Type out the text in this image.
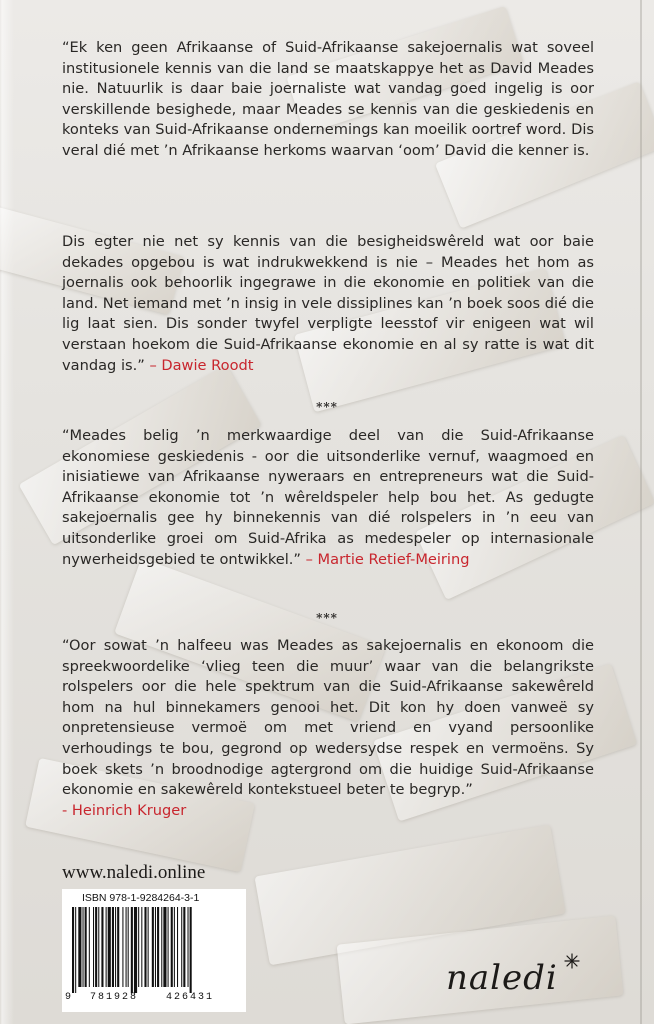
“Ek ken geen Afrikaanse of Suid-Afrikaanse sakejoernalis wat soveel institusionele kennis van die land se maatskappye het as David Meades nie. Natuurlik is daar baie joernaliste wat vandag goed ingelig is oor verskillende besighede, maar Meades se kennis van die geskiedenis en konteks van Suid-Afrikaanse ondernemings kan moeilik oortref word. Dis veral dié met ’n Afrikaanse herkoms waarvan ‘oom’ David die kenner is.

Dis egter nie net sy kennis van die besigheidswêreld wat oor baie dekades opgebou is wat indrukwekkend is nie – Meades het hom as joernalis ook behoorlik ingegrawe in die ekonomie en politiek van die land. Net iemand met ’n insig in vele dissiplines kan ’n boek soos dié die lig laat sien. Dis sonder twyfel verpligte leesstof vir enigeen wat wil verstaan hoekom die Suid-Afrikaanse ekonomie en al sy ratte is wat dit vandag is.” – Dawie Roodt

***

“Meades belig ’n merkwaardige deel van die Suid-Afrikaanse ekonomiese geskiedenis - oor die uitsonderlike vernuf, waagmoed en inisiatiewe van Afrikaanse nyweraars en entrepreneurs wat die Suid-Afrikaanse ekonomie tot ’n wêreldspeler help bou het. As gedugte sakejoernalis gee hy binnekennis van dié rolspelers in ’n eeu van uitsonderlike groei om Suid-Afrika as medespeler op internasionale nywerheidsgebied te ontwikkel.” – Martie Retief-Meiring

***

“Oor sowat ’n halfeeu was Meades as sakejoernalis en ekonoom die spreekwoordelike ‘vlieg teen die muur’ waar van die belangrikste rolspelers oor die hele spektrum van die Suid-Afrikaanse sakewêreld hom na hul binnekamers genooi het. Dit kon hy doen vanweë sy onpretensieuse vermoë om met vriend en vyand persoonlike verhoudings te bou, gegrond op wedersydse respek en vermoëns. Sy boek skets ’n broodnodige agtergrond om die huidige Suid-Afrikaanse ekonomie en sakewêreld kontekstueel beter te begryp.”
- Heinrich Kruger

www.naledi.online
ISBN 978-1-9284264-3-1
9 781928	426431	naledi
